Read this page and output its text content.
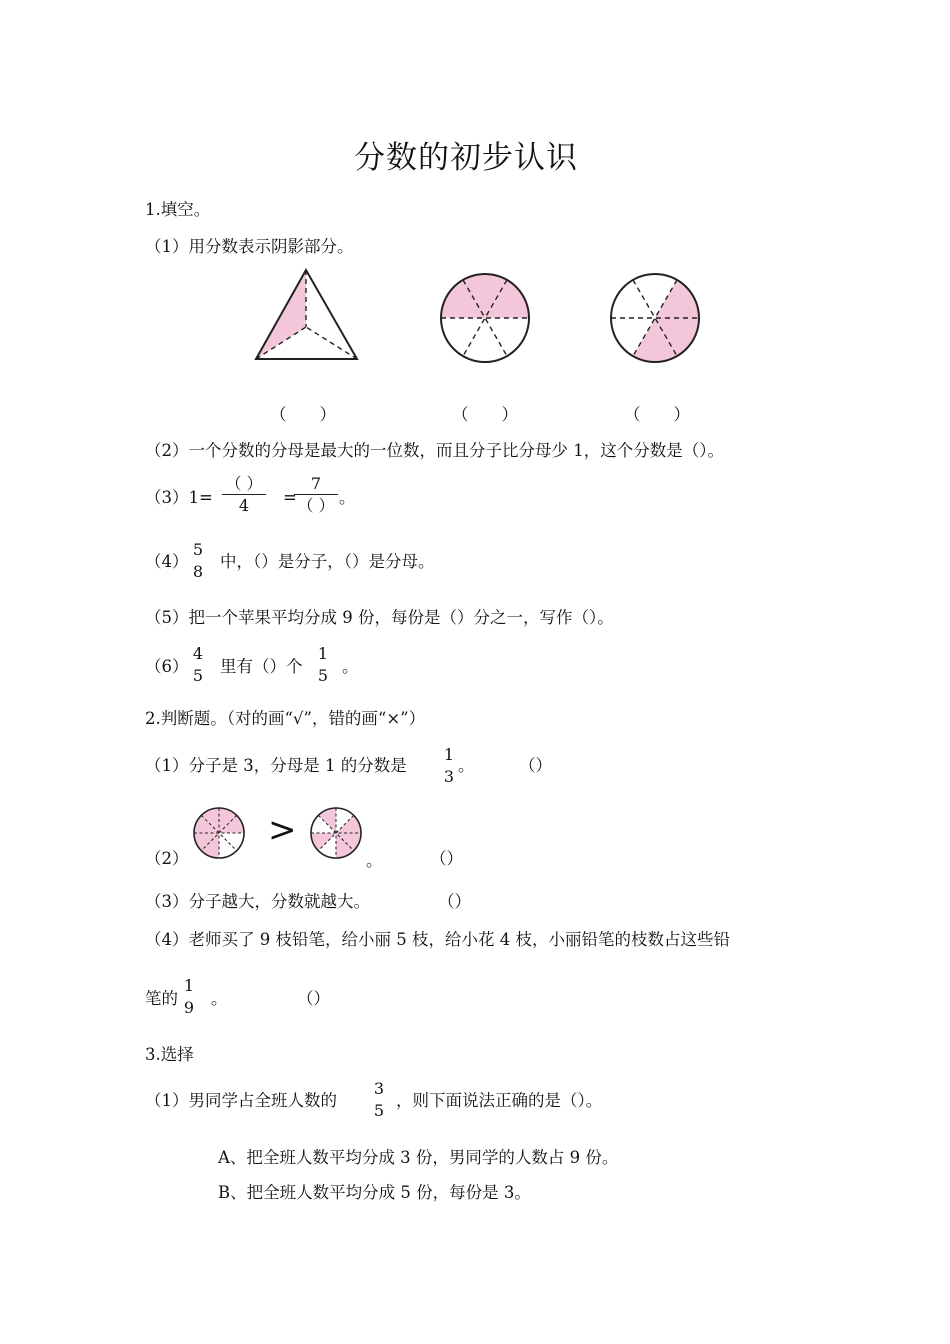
分数的初步认识
1.填空。
（1）用分数表示阴影部分。
（　　）	（　　）	（　　）
（2）一个分数的分母是最大的一位数，而且分子比分母少 1，这个分数是（）。
（3）1=
（ ）
4	=
7
（ ） 。
（4）
5
8
中，（）是分子，（）是分母。
（5）把一个苹果平均分成 9 份，每份是（）分之一，写作（）。
（6）
4
5 里有（）个
1
5 。
2.判断题。（对的画“√”，错的画“×”）
（1）分子是 3，分母是 1 的分数是
1
3
。	（）
（2）
>
。	（）
（3）分子越大，分数就越大。	（）
（4）老师买了 9 枝铅笔，给小丽 5 枝，给小花 4 枝，小丽铅笔的枝数占这些铅
笔的
1
9 。	（）
3.选择
（1）男同学占全班人数的
3
5
，则下面说法正确的是（）。
A、把全班人数平均分成 3 份，男同学的人数占 9 份。
B、把全班人数平均分成 5 份，每份是 3。
